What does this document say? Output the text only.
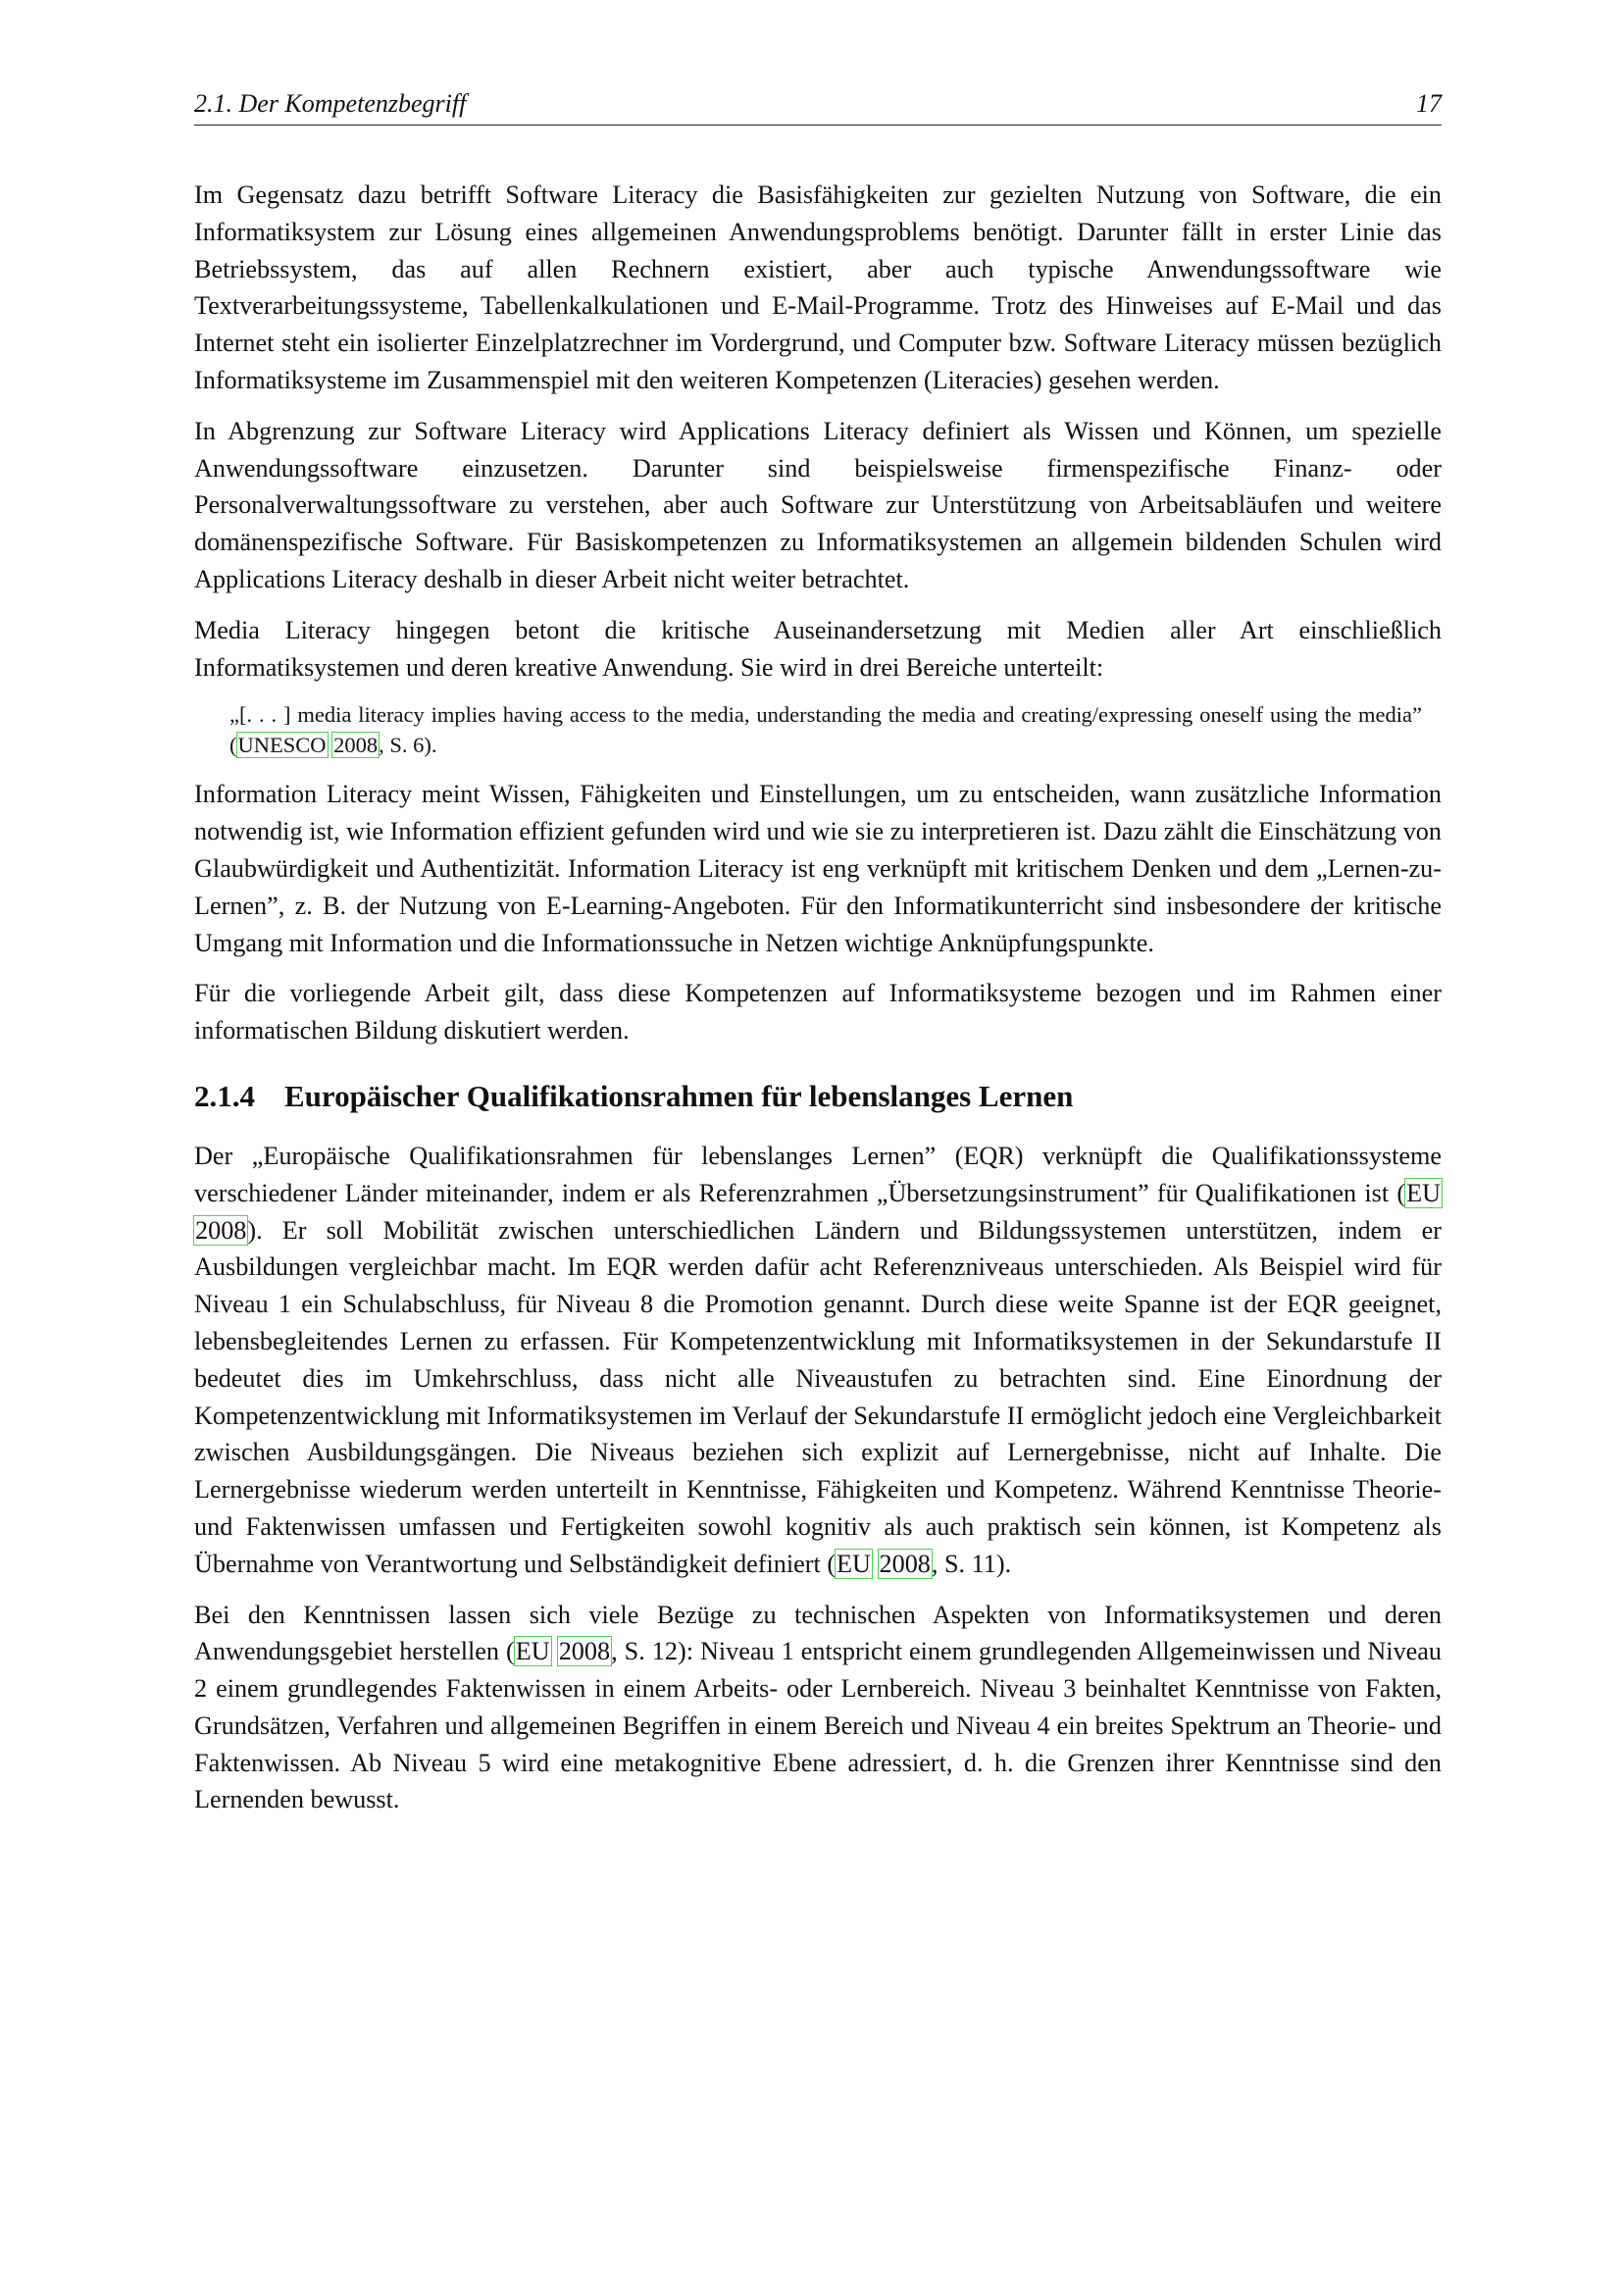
2.1. Der Kompetenzbegriff	17

Im Gegensatz dazu betrifft Software Literacy die Basisfähigkeiten zur gezielten Nutzung von Software, die ein Informatiksystem zur Lösung eines allgemeinen Anwendungsproblems benötigt. Darunter fällt in erster Linie das Betriebssystem, das auf allen Rechnern existiert, aber auch typische Anwendungssoftware wie Textverarbeitungssysteme, Tabellenkalkulationen und E-Mail-Programme. Trotz des Hinweises auf E-Mail und das Internet steht ein isolierter Einzelplatzrechner im Vordergrund, und Computer bzw. Software Literacy müssen bezüglich Informatiksysteme im Zusammenspiel mit den weiteren Kompetenzen (Literacies) gesehen werden.

In Abgrenzung zur Software Literacy wird Applications Literacy definiert als Wissen und Können, um spezielle Anwendungssoftware einzusetzen. Darunter sind beispielsweise firmenspezifische Finanz- oder Personalverwaltungssoftware zu verstehen, aber auch Software zur Unterstützung von Arbeitsabläufen und weitere domänenspezifische Software. Für Basiskompetenzen zu Informatiksystemen an allgemein bildenden Schulen wird Applications Literacy deshalb in dieser Arbeit nicht weiter betrachtet.

Media Literacy hingegen betont die kritische Auseinandersetzung mit Medien aller Art einschließlich Informatiksystemen und deren kreative Anwendung. Sie wird in drei Bereiche unterteilt:

„[. . . ] media literacy implies having access to the media, understanding the media and creating/expressing oneself using the media” (UNESCO 2008, S. 6).

Information Literacy meint Wissen, Fähigkeiten und Einstellungen, um zu entscheiden, wann zusätzliche Information notwendig ist, wie Information effizient gefunden wird und wie sie zu interpretieren ist. Dazu zählt die Einschätzung von Glaubwürdigkeit und Authentizität. Information Literacy ist eng verknüpft mit kritischem Denken und dem „Lernen-zu-Lernen”, z. B. der Nutzung von E-Learning-Angeboten. Für den Informatikunterricht sind insbesondere der kritische Umgang mit Information und die Informationssuche in Netzen wichtige Anknüpfungspunkte.

Für die vorliegende Arbeit gilt, dass diese Kompetenzen auf Informatiksysteme bezogen und im Rahmen einer informatischen Bildung diskutiert werden.

2.1.4 Europäischer Qualifikationsrahmen für lebenslanges Lernen

Der „Europäische Qualifikationsrahmen für lebenslanges Lernen” (EQR) verknüpft die Qualifikationssysteme verschiedener Länder miteinander, indem er als Referenzrahmen „Übersetzungsinstrument” für Qualifikationen ist (EU 2008). Er soll Mobilität zwischen unterschiedlichen Ländern und Bildungssystemen unterstützen, indem er Ausbildungen vergleichbar macht. Im EQR werden dafür acht Referenzniveaus unterschieden. Als Beispiel wird für Niveau 1 ein Schulabschluss, für Niveau 8 die Promotion genannt. Durch diese weite Spanne ist der EQR geeignet, lebensbegleitendes Lernen zu erfassen. Für Kompetenzentwicklung mit Informatiksystemen in der Sekundarstufe II bedeutet dies im Umkehrschluss, dass nicht alle Niveaustufen zu betrachten sind. Eine Einordnung der Kompetenzentwicklung mit Informatiksystemen im Verlauf der Sekundarstufe II ermöglicht jedoch eine Vergleichbarkeit zwischen Ausbildungsgängen. Die Niveaus beziehen sich explizit auf Lernergebnisse, nicht auf Inhalte. Die Lernergebnisse wiederum werden unterteilt in Kenntnisse, Fähigkeiten und Kompetenz. Während Kenntnisse Theorie- und Faktenwissen umfassen und Fertigkeiten sowohl kognitiv als auch praktisch sein können, ist Kompetenz als Übernahme von Verantwortung und Selbständigkeit definiert (EU 2008, S. 11).

Bei den Kenntnissen lassen sich viele Bezüge zu technischen Aspekten von Informatiksystemen und deren Anwendungsgebiet herstellen (EU 2008, S. 12): Niveau 1 entspricht einem grundlegenden Allgemeinwissen und Niveau 2 einem grundlegendes Faktenwissen in einem Arbeits- oder Lernbereich. Niveau 3 beinhaltet Kenntnisse von Fakten, Grundsätzen, Verfahren und allgemeinen Begriffen in einem Bereich und Niveau 4 ein breites Spektrum an Theorie- und Faktenwissen. Ab Niveau 5 wird eine metakognitive Ebene adressiert, d. h. die Grenzen ihrer Kenntnisse sind den Lernenden bewusst.
